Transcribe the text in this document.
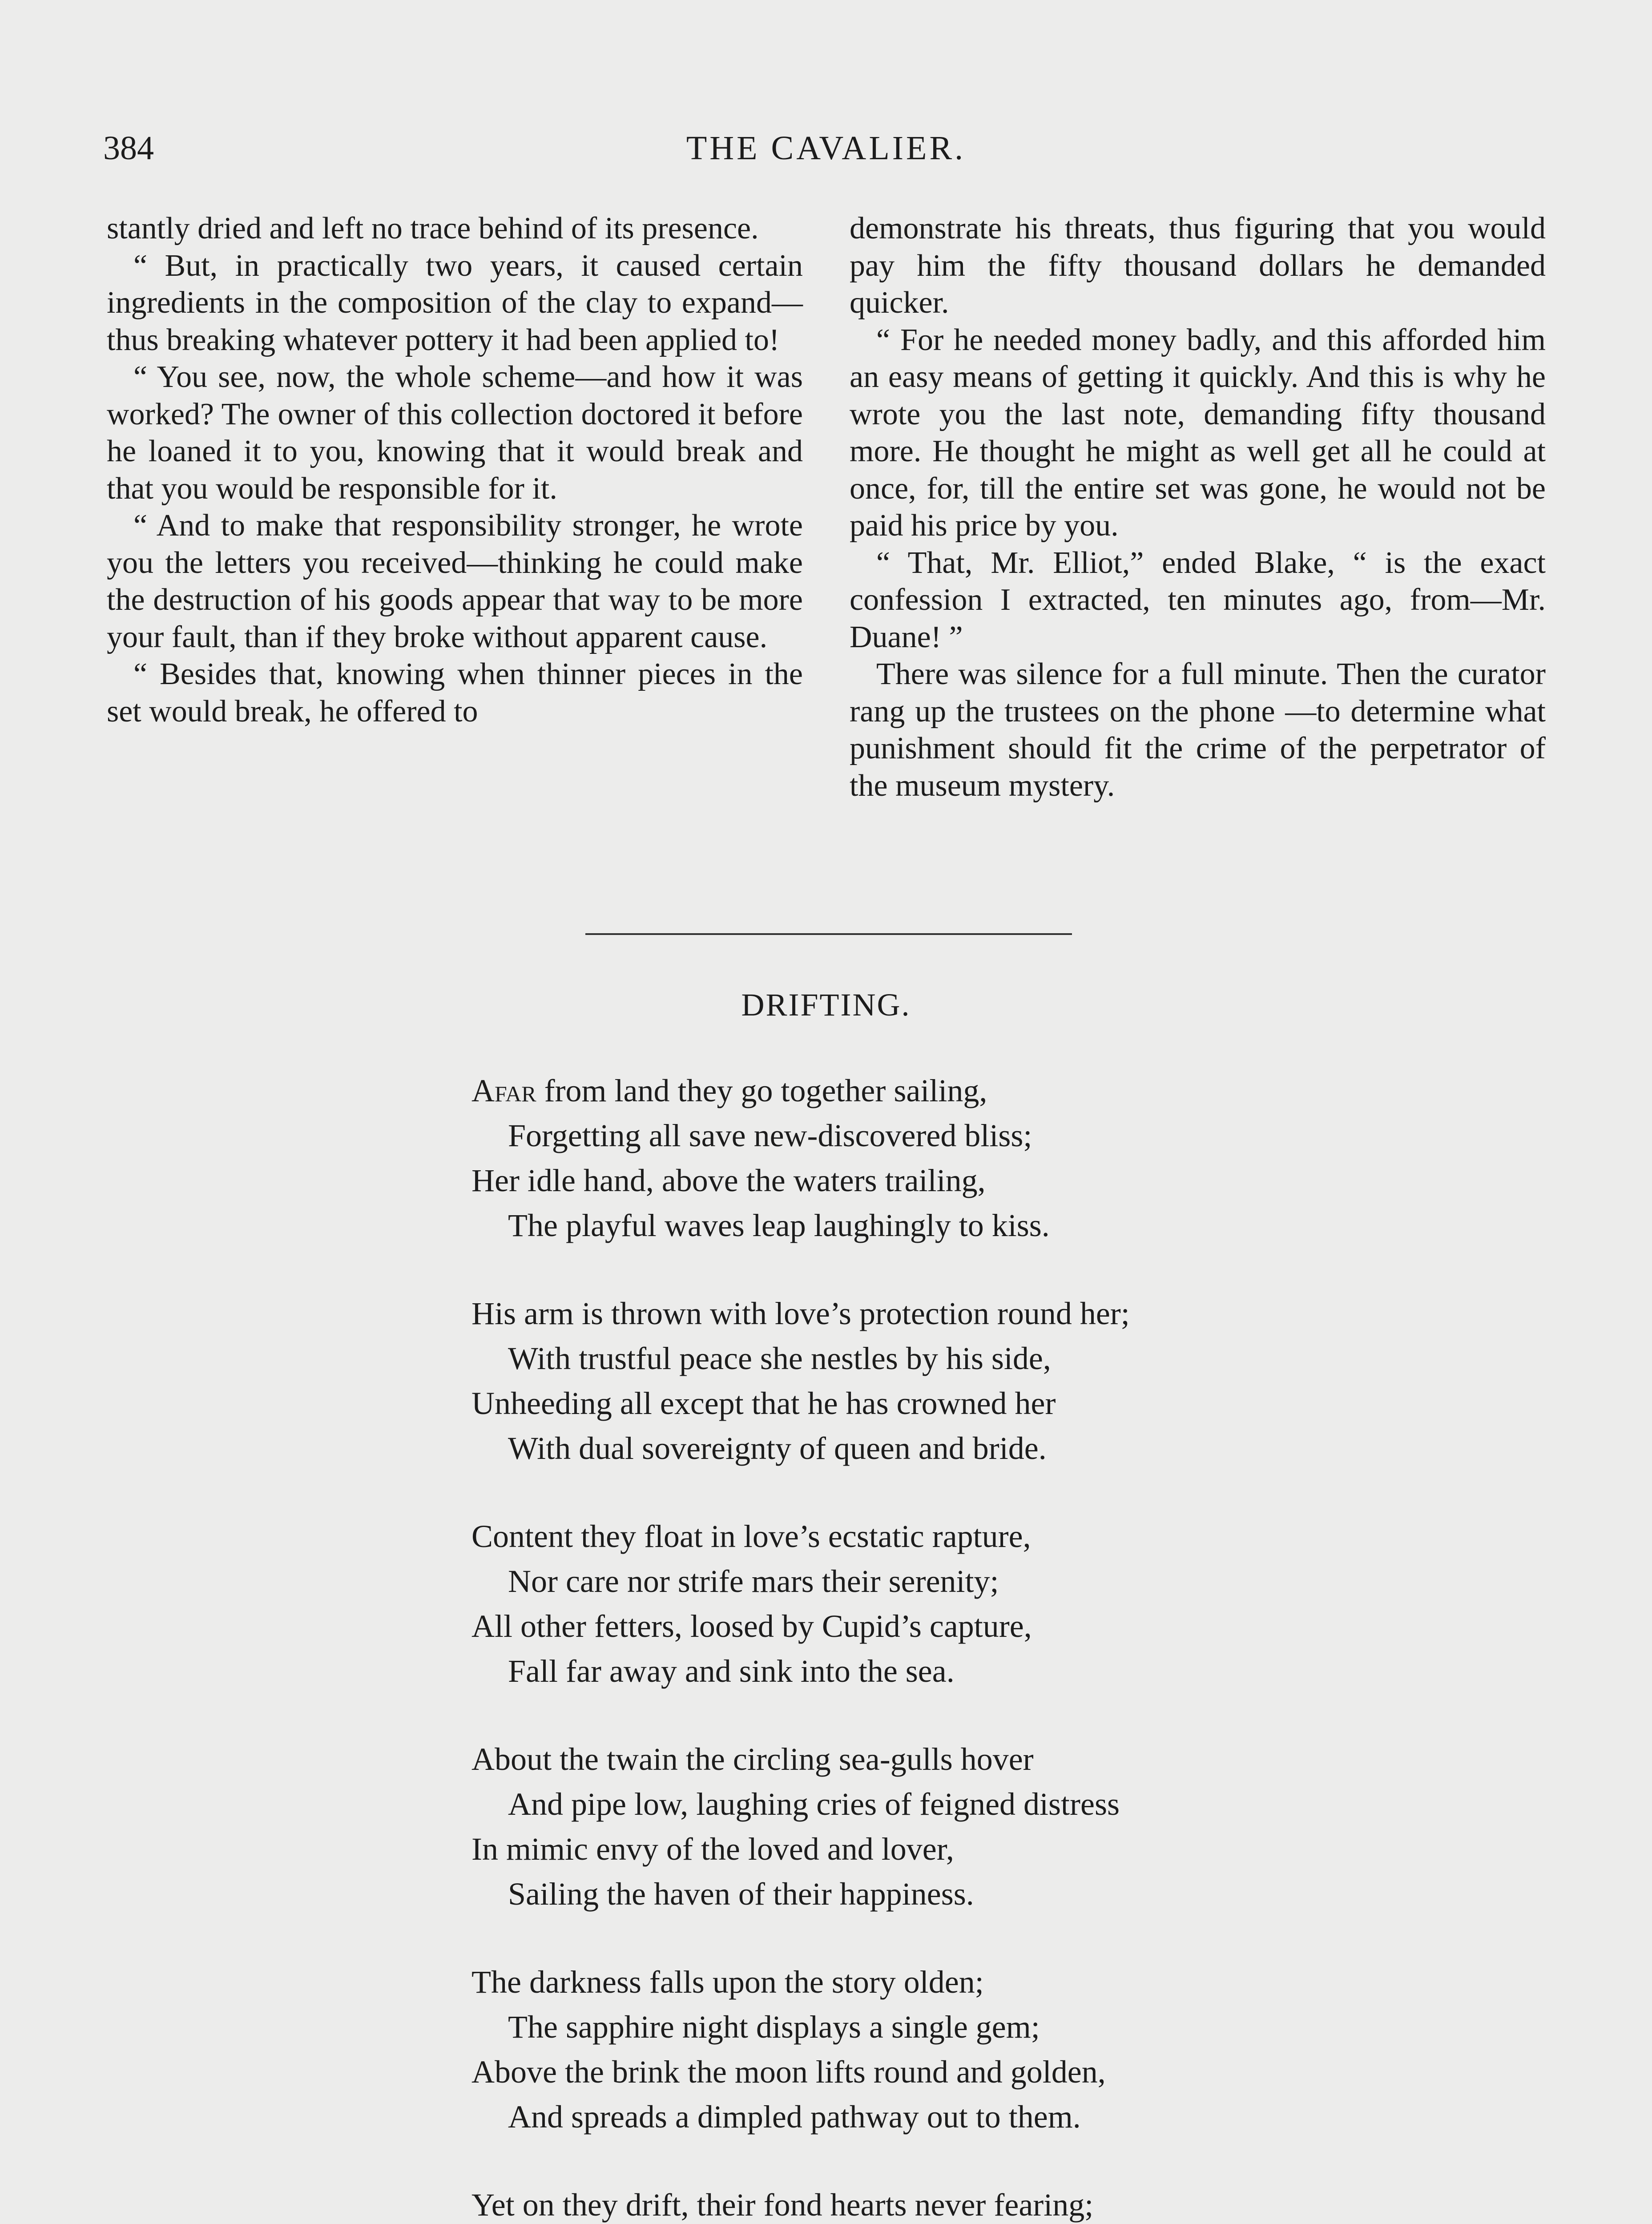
384	THE CAVALIER.

stantly dried and left no trace behind of its presence.

“ But, in practically two years, it caused certain ingredients in the composition of the clay to expand—thus breaking whatever pottery it had been applied to!

“ You see, now, the whole scheme—and how it was worked? The owner of this collection doctored it before he loaned it to you, knowing that it would break and that you would be responsible for it.

“ And to make that responsibility stronger, he wrote you the letters you received—thinking he could make the destruction of his goods appear that way to be more your fault, than if they broke without apparent cause.

“ Besides that, knowing when thinner pieces in the set would break, he offered to

demonstrate his threats, thus figuring that you would pay him the fifty thousand dollars he demanded quicker.

“ For he needed money badly, and this afforded him an easy means of getting it quickly. And this is why he wrote you the last note, demanding fifty thousand more. He thought he might as well get all he could at once, for, till the entire set was gone, he would not be paid his price by you.

“ That, Mr. Elliot,” ended Blake, “ is the exact confession I extracted, ten minutes ago, from—Mr. Duane! ”

There was silence for a full minute. Then the curator rang up the trustees on the phone —to determine what punishment should fit the crime of the perpetrator of the museum mystery.

DRIFTING.
Afar from land they go together sailing,
Forgetting all save new-discovered bliss;
Her idle hand, above the waters trailing,
The playful waves leap laughingly to kiss.
His arm is thrown with love’s protection round her;
With trustful peace she nestles by his side,
Unheeding all except that he has crowned her
With dual sovereignty of queen and bride.
Content they float in love’s ecstatic rapture,
Nor care nor strife mars their serenity;
All other fetters, loosed by Cupid’s capture,
Fall far away and sink into the sea.
About the twain the circling sea-gulls hover
And pipe low, laughing cries of feigned distress
In mimic envy of the loved and lover,
Sailing the haven of their happiness.
The darkness falls upon the story olden;
The sapphire night displays a single gem;
Above the brink the moon lifts round and golden,
And spreads a dimpled pathway out to them.
Yet on they drift, their fond hearts never fearing;
